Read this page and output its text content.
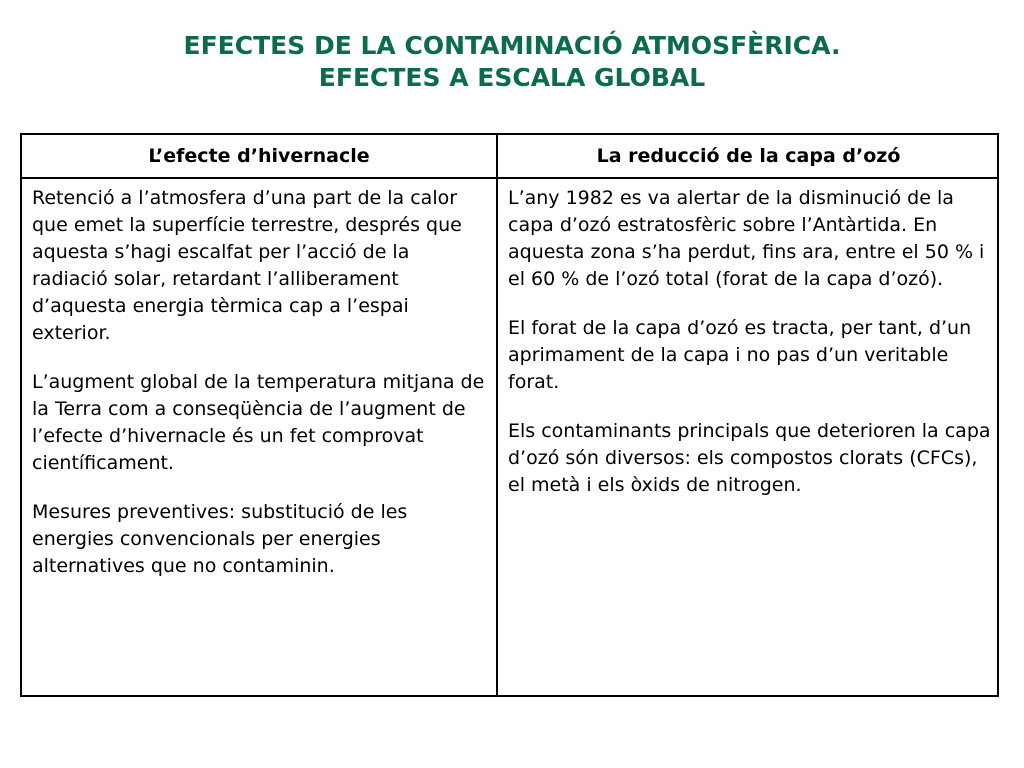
EFECTES DE LA CONTAMINACIÓ ATMOSFÈRICA.
EFECTES A ESCALA GLOBAL
L’efecte d’hivernacle	La reducció de la capa d’ozó

Retenció a l’atmosfera d’una part de la calor que emet la superfície terrestre, després que aquesta s’hagi escalfat per l’acció de la radiació solar, retardant l’alliberament d’aquesta energia tèrmica cap a l’espai exterior.

L’augment global de la temperatura mitjana de la Terra com a conseqüència de l’augment de l’efecte d’hivernacle és un fet comprovat científicament.

Mesures preventives: substitució de les energies convencionals per energies alternatives que no contaminin.

L’any 1982 es va alertar de la disminució de la capa d’ozó estratosfèric sobre l’Antàrtida. En aquesta zona s’ha perdut, fins ara, entre el 50 % i el 60 % de l’ozó total (forat de la capa d’ozó).

El forat de la capa d’ozó es tracta, per tant, d’un aprimament de la capa i no pas d’un veritable forat.

Els contaminants principals que deterioren la capa d’ozó són diversos: els compostos clorats (CFCs), el metà i els òxids de nitrogen.
